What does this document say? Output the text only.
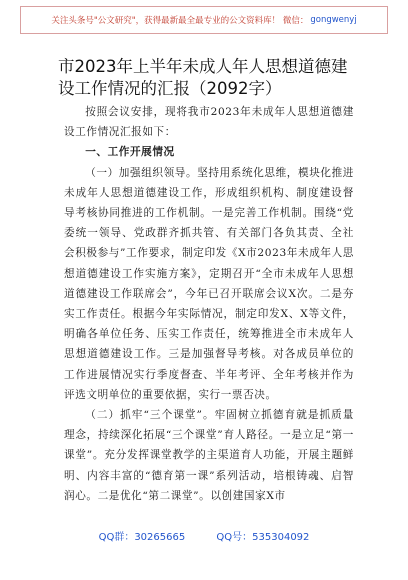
关注头条号"公文研究"，获得最新最全最专业的公文资料库！ 微信： gongwenyj
市2023年上半年未成人年人思想道德建设工作情况的汇报（2092字）

按照会议安排，现将我市2023年未成年人思想道德建设工作情况汇报如下：

一、工作开展情况

（一）加强组织领导。坚持用系统化思维，模块化推进未成年人思想道德建设工作，形成组织机构、制度建设督导考核协同推进的工作机制。一是完善工作机制。围绕“党委统一领导、党政群齐抓共管、有关部门各负其责、全社会积极参与”工作要求，制定印发《X市2023年未成年人思想道德建设工作实施方案》，定期召开“全市未成年人思想道德建设工作联席会”，今年已召开联席会议X次。二是夯实工作责任。根据今年实际情况，制定印发X、X等文件，明确各单位任务、压实工作责任，统筹推进全市未成年人思想道德建设工作。三是加强督导考核。对各成员单位的工作进展情况实行季度督查、半年考评、全年考核并作为评选文明单位的重要依据，实行一票否决。

（二）抓牢“三个课堂”。牢固树立抓德育就是抓质量理念，持续深化拓展“三个课堂”育人路径。一是立足“第一课堂”。充分发挥课堂教学的主渠道育人功能，开展主题鲜明、内容丰富的“德育第一课”系列活动，培根铸魂、启智润心。二是优化“第二课堂”。以创建国家X市

QQ群：30265665	QQ号：535304092
